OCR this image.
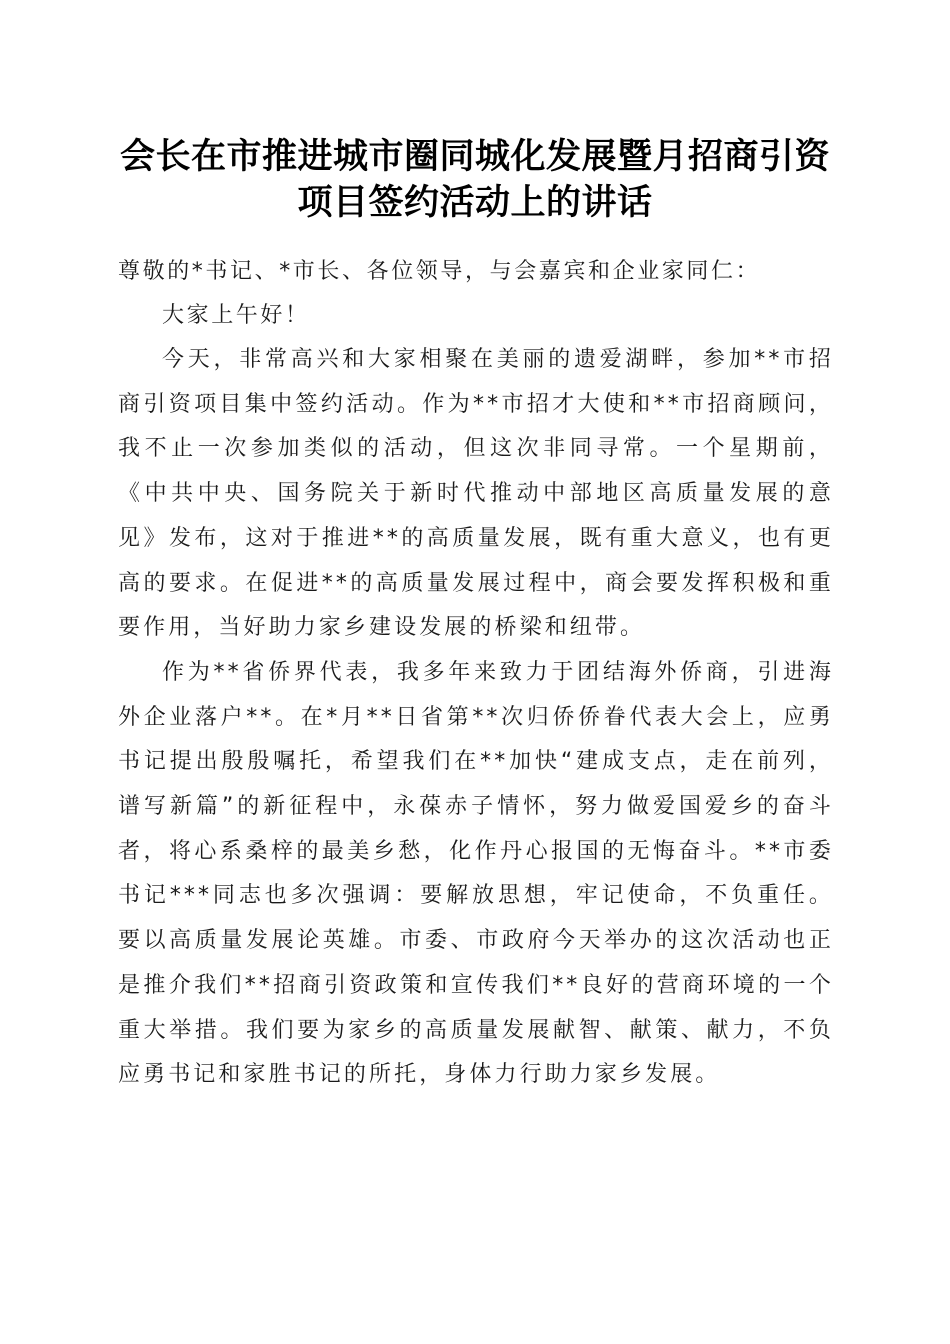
会长在市推进城市圈同城化发展暨月招商引资
项目签约活动上的讲话

尊敬的*书记、*市长、各位领导，与会嘉宾和企业家同仁：

大家上午好！

今天，非常高兴和大家相聚在美丽的遗爱湖畔，参加**市招商引资项目集中签约活动。作为**市招才大使和**市招商顾问，我不止一次参加类似的活动，但这次非同寻常。一个星期前，《中共中央、国务院关于新时代推动中部地区高质量发展的意见》发布，这对于推进**的高质量发展，既有重大意义，也有更高的要求。在促进**的高质量发展过程中，商会要发挥积极和重要作用，当好助力家乡建设发展的桥梁和纽带。

作为**省侨界代表，我多年来致力于团结海外侨商，引进海外企业落户**。在*月**日省第**次归侨侨眷代表大会上，应勇书记提出殷殷嘱托，希望我们在**加快“建成支点，走在前列，谱写新篇”的新征程中，永葆赤子情怀，努力做爱国爱乡的奋斗者，将心系桑梓的最美乡愁，化作丹心报国的无悔奋斗。**市委书记***同志也多次强调：要解放思想，牢记使命，不负重任。要以高质量发展论英雄。市委、市政府今天举办的这次活动也正是推介我们**招商引资政策和宣传我们**良好的营商环境的一个重大举措。我们要为家乡的高质量发展献智、献策、献力，不负应勇书记和家胜书记的所托，身体力行助力家乡发展。
